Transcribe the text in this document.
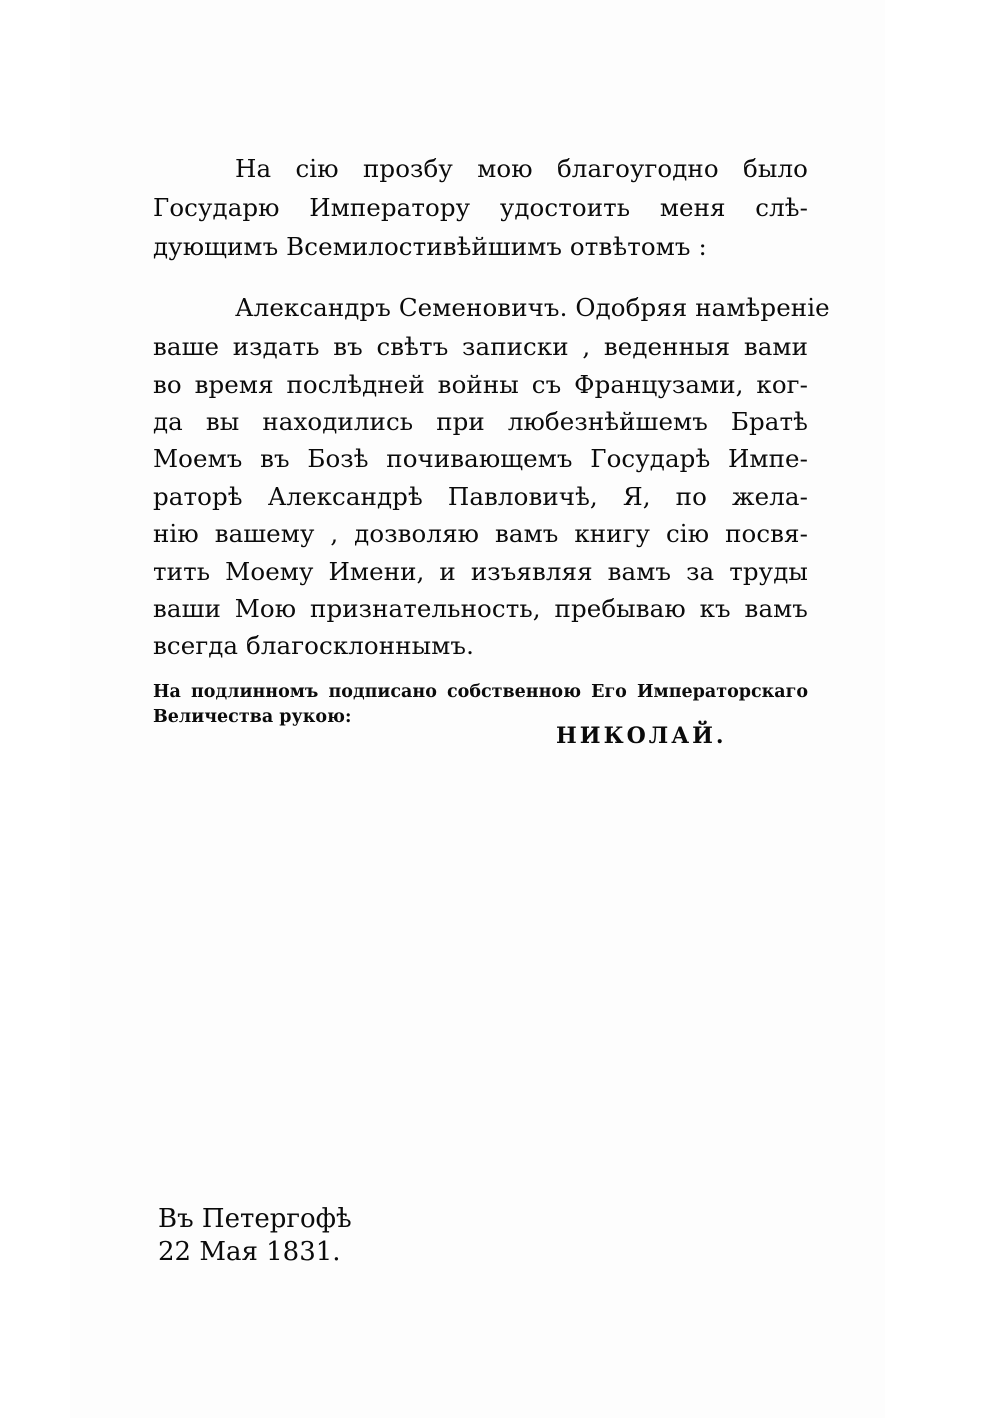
На сію прозбу мою благоугодно было
Государю Императору удостоить меня слѣ-
дующимъ Всемилостивѣйшимъ отвѣтомъ :
Александръ Семеновичъ. Одобряя намѣреніе
ваше издать въ свѣтъ записки , веденныя вами
во время послѣдней войны съ Французами, ког-
да вы находились при любезнѣйшемъ Братѣ
Моемъ въ Бозѣ почивающемъ Государѣ Импе-
раторѣ Александрѣ Павловичѣ, Я, по жела-
нію вашему , дозволяю вамъ книгу сію посвя-
тить Моему Имени, и изъявляя вамъ за труды
ваши Мою признательность, пребываю къ вамъ
всегда благосклоннымъ.
На подлинномъ подписано собственною Его Императорскаго
Величества рукою:
НИКОЛАЙ.
Въ Петергофѣ
22 Мая 1831.
